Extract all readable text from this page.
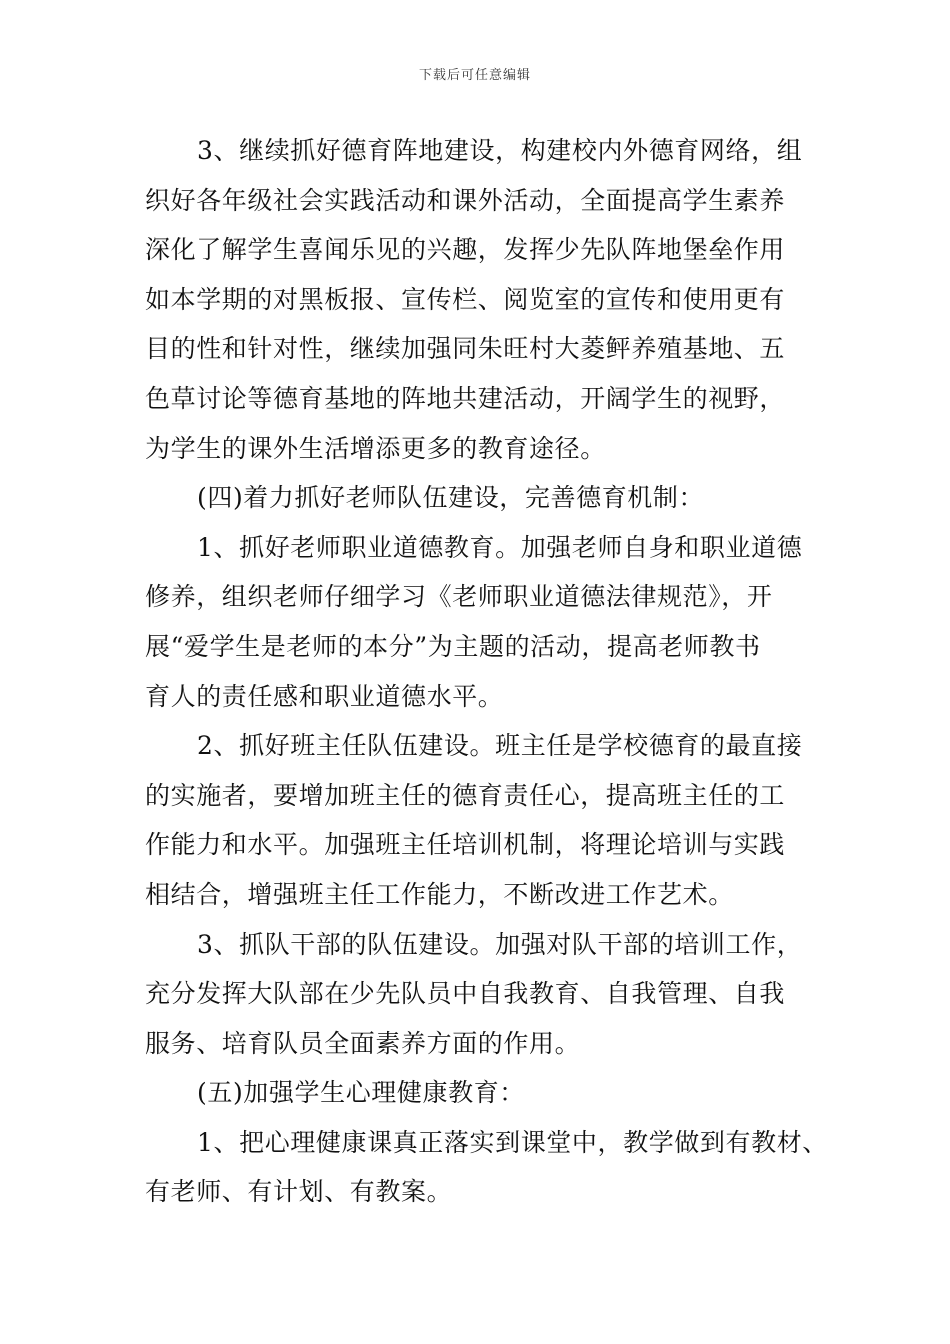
下载后可任意编辑
3、继续抓好德育阵地建设，构建校内外德育网络，组
织好各年级社会实践活动和课外活动，全面提高学生素养
深化了解学生喜闻乐见的兴趣，发挥少先队阵地堡垒作用
如本学期的对黑板报、宣传栏、阅览室的宣传和使用更有
目的性和针对性，继续加强同朱旺村大菱鲆养殖基地、五
色草讨论等德育基地的阵地共建活动，开阔学生的视野，
为学生的课外生活增添更多的教育途径。
(四)着力抓好老师队伍建设，完善德育机制：
1、抓好老师职业道德教育。加强老师自身和职业道德
修养，组织老师仔细学习《老师职业道德法律规范》，开
展“爱学生是老师的本分”为主题的活动，提高老师教书
育人的责任感和职业道德水平。
2、抓好班主任队伍建设。班主任是学校德育的最直接
的实施者，要增加班主任的德育责任心，提高班主任的工
作能力和水平。加强班主任培训机制，将理论培训与实践
相结合，增强班主任工作能力，不断改进工作艺术。
3、抓队干部的队伍建设。加强对队干部的培训工作，
充分发挥大队部在少先队员中自我教育、自我管理、自我
服务、培育队员全面素养方面的作用。
(五)加强学生心理健康教育：
1、把心理健康课真正落实到课堂中，教学做到有教材、
有老师、有计划、有教案。
